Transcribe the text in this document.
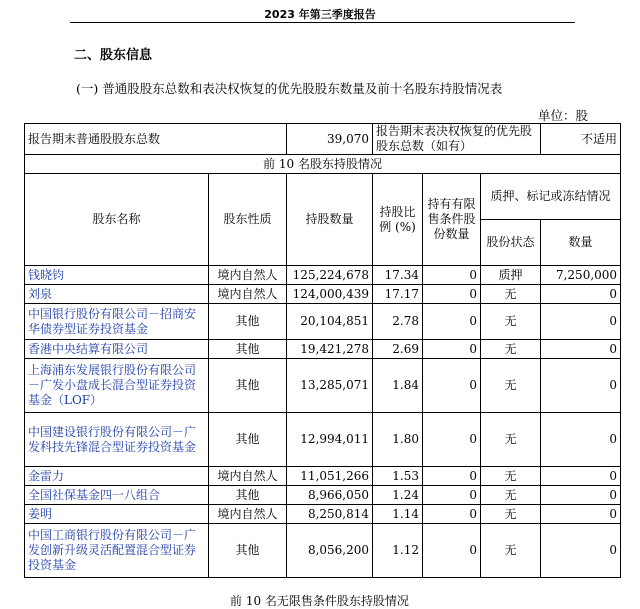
2023 年第三季度报告
二、股东信息
(一) 普通股股东总数和表决权恢复的优先股股东数量及前十名股东持股情况表
单位：股
报告期末普通股股东总数		39,070	报告期末表决权恢复的优先股股东总数（如有）			不适用
前 10 名股东持股情况						
股东名称	股东性质	持股数量	持股比例 (%)	持有有限售条件股份数量	质押、标记或冻结情况	
					股份状态	数量
钱晓钧	境内自然人	125,224,678	17.34	0	质押	7,250,000
刘泉	境内自然人	124,000,439	17.17	0	无	0
中国银行股份有限公司－招商安华债券型证券投资基金	其他	20,104,851	2.78	0	无	0
香港中央结算有限公司	其他	19,421,278	2.69	0	无	0
上海浦东发展银行股份有限公司－广发小盘成长混合型证券投资基金（LOF）	其他	13,285,071	1.84	0	无	0
中国建设银行股份有限公司－广发科技先锋混合型证券投资基金	其他	12,994,011	1.80	0	无	0
金雷力	境内自然人	11,051,266	1.53	0	无	0
全国社保基金四一八组合	其他	8,966,050	1.24	0	无	0
姜明	境内自然人	8,250,814	1.14	0	无	0
中国工商银行股份有限公司－广发创新升级灵活配置混合型证券投资基金	其他	8,056,200	1.12	0	无	0
前 10 名无限售条件股东持股情况
